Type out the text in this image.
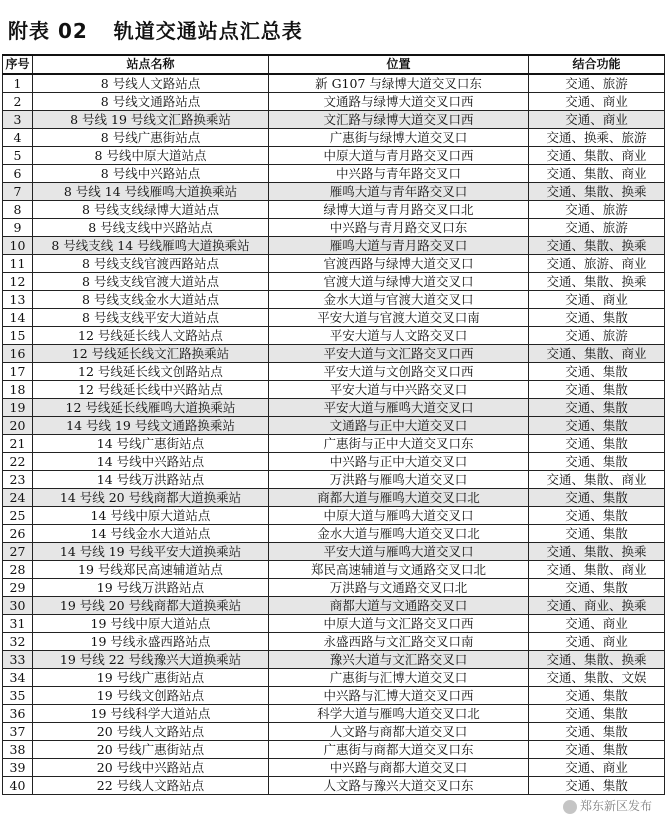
附表 02 轨道交通站点汇总表
序号	站点名称	位置	结合功能
1	8 号线人文路站点	新 G107 与绿博大道交叉口东	交通、旅游
2	8 号线文通路站点	文通路与绿博大道交叉口西	交通、商业
3	8 号线 19 号线文汇路换乘站	文汇路与绿博大道交叉口西	交通、商业
4	8 号线广惠街站点	广惠街与绿博大道交叉口	交通、换乘、旅游
5	8 号线中原大道站点	中原大道与青月路交叉口西	交通、集散、商业
6	8 号线中兴路站点	中兴路与青年路交叉口	交通、集散、商业
7	8 号线 14 号线雁鸣大道换乘站	雁鸣大道与青年路交叉口	交通、集散、换乘
8	8 号线支线绿博大道站点	绿博大道与青月路交叉口北	交通、旅游
9	8 号线支线中兴路站点	中兴路与青月路交叉口东	交通、旅游
10	8 号线支线 14 号线雁鸣大道换乘站	雁鸣大道与青月路交叉口	交通、集散、换乘
11	8 号线支线官渡西路站点	官渡西路与绿博大道交叉口	交通、旅游、商业
12	8 号线支线官渡大道站点	官渡大道与绿博大道交叉口	交通、集散、换乘
13	8 号线支线金水大道站点	金水大道与官渡大道交叉口	交通、商业
14	8 号线支线平安大道站点	平安大道与官渡大道交叉口南	交通、集散
15	12 号线延长线人文路站点	平安大道与人文路交叉口	交通、旅游
16	12 号线延长线文汇路换乘站	平安大道与文汇路交叉口西	交通、集散、商业
17	12 号线延长线文创路站点	平安大道与文创路交叉口西	交通、集散
18	12 号线延长线中兴路站点	平安大道与中兴路交叉口	交通、集散
19	12 号线延长线雁鸣大道换乘站	平安大道与雁鸣大道交叉口	交通、集散
20	14 号线 19 号线文通路换乘站	文通路与正中大道交叉口	交通、集散
21	14 号线广惠街站点	广惠街与正中大道交叉口东	交通、集散
22	14 号线中兴路站点	中兴路与正中大道交叉口	交通、集散
23	14 号线万洪路站点	万洪路与雁鸣大道交叉口	交通、集散、商业
24	14 号线 20 号线商都大道换乘站	商都大道与雁鸣大道交叉口北	交通、集散
25	14 号线中原大道站点	中原大道与雁鸣大道交叉口	交通、集散
26	14 号线金水大道站点	金水大道与雁鸣大道交叉口北	交通、集散
27	14 号线 19 号线平安大道换乘站	平安大道与雁鸣大道交叉口	交通、集散、换乘
28	19 号线郑民高速辅道站点	郑民高速辅道与文通路交叉口北	交通、集散、商业
29	19 号线万洪路站点	万洪路与文通路交叉口北	交通、集散
30	19 号线 20 号线商都大道换乘站	商都大道与文通路交叉口	交通、商业、换乘
31	19 号线中原大道站点	中原大道与文汇路交叉口西	交通、商业
32	19 号线永盛西路站点	永盛西路与文汇路交叉口南	交通、商业
33	19 号线 22 号线豫兴大道换乘站	豫兴大道与文汇路交叉口	交通、集散、换乘
34	19 号线广惠街站点	广惠街与汇博大道交叉口	交通、集散、文娱
35	19 号线文创路站点	中兴路与汇博大道交叉口西	交通、集散
36	19 号线科学大道站点	科学大道与雁鸣大道交叉口北	交通、集散
37	20 号线人文路站点	人文路与商都大道交叉口	交通、集散
38	20 号线广惠街站点	广惠街与商都大道交叉口东	交通、集散
39	20 号线中兴路站点	中兴路与商都大道交叉口	交通、商业
40	22 号线人文路站点	人文路与豫兴大道交叉口东	交通、集散
郑东新区发布
